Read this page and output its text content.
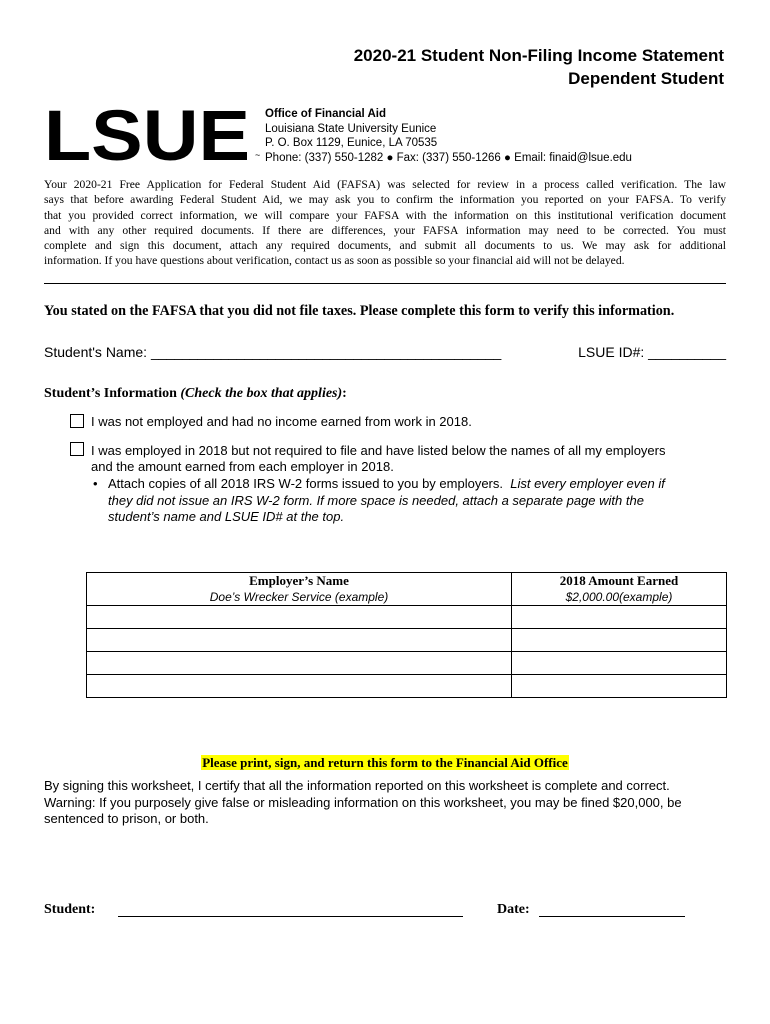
2020-21 Student Non-Filing Income Statement
Dependent Student
LSUE Office of Financial Aid
Louisiana State University Eunice
P. O. Box 1129, Eunice, LA 70535
Phone: (337) 550-1282 ● Fax: (337) 550-1266 ● Email: finaid@lsue.edu
~
Your 2020-21 Free Application for Federal Student Aid (FAFSA) was selected for review in a process called verification. The law
says that before awarding Federal Student Aid, we may ask you to confirm the information you reported on your FAFSA. To verify
that you provided correct information, we will compare your FAFSA with the information on this institutional verification document
and with any other required documents. If there are differences, your FAFSA information may need to be corrected. You must
complete and sign this document, attach any required documents, and submit all documents to us. We may ask for additional
information. If you have questions about verification, contact us as soon as possible so your financial aid will not be delayed.
You stated on the FAFSA that you did not file taxes. Please complete this form to verify this information.
Student's Name: _____________________________________________	LSUE ID#: __________
Student’s Information (Check the box that applies):
I was not employed and had no income earned from work in 2018.
I was employed in 2018 but not required to file and have listed below the names of all my employers
and the amount earned from each employer in 2018.
• Attach copies of all 2018 IRS W-2 forms issued to you by employers. List every employer even if
they did not issue an IRS W-2 form. If more space is needed, attach a separate page with the
student’s name and LSUE ID# at the top.
Employer’s Name	2018 Amount Earned
Doe’s Wrecker Service (example)	$2,000.00(example)

Please print, sign, and return this form to the Financial Aid Office
By signing this worksheet, I certify that all the information reported on this worksheet is complete and correct.
Warning: If you purposely give false or misleading information on this worksheet, you may be fined $20,000, be
sentenced to prison, or both.
Student:	Date:
